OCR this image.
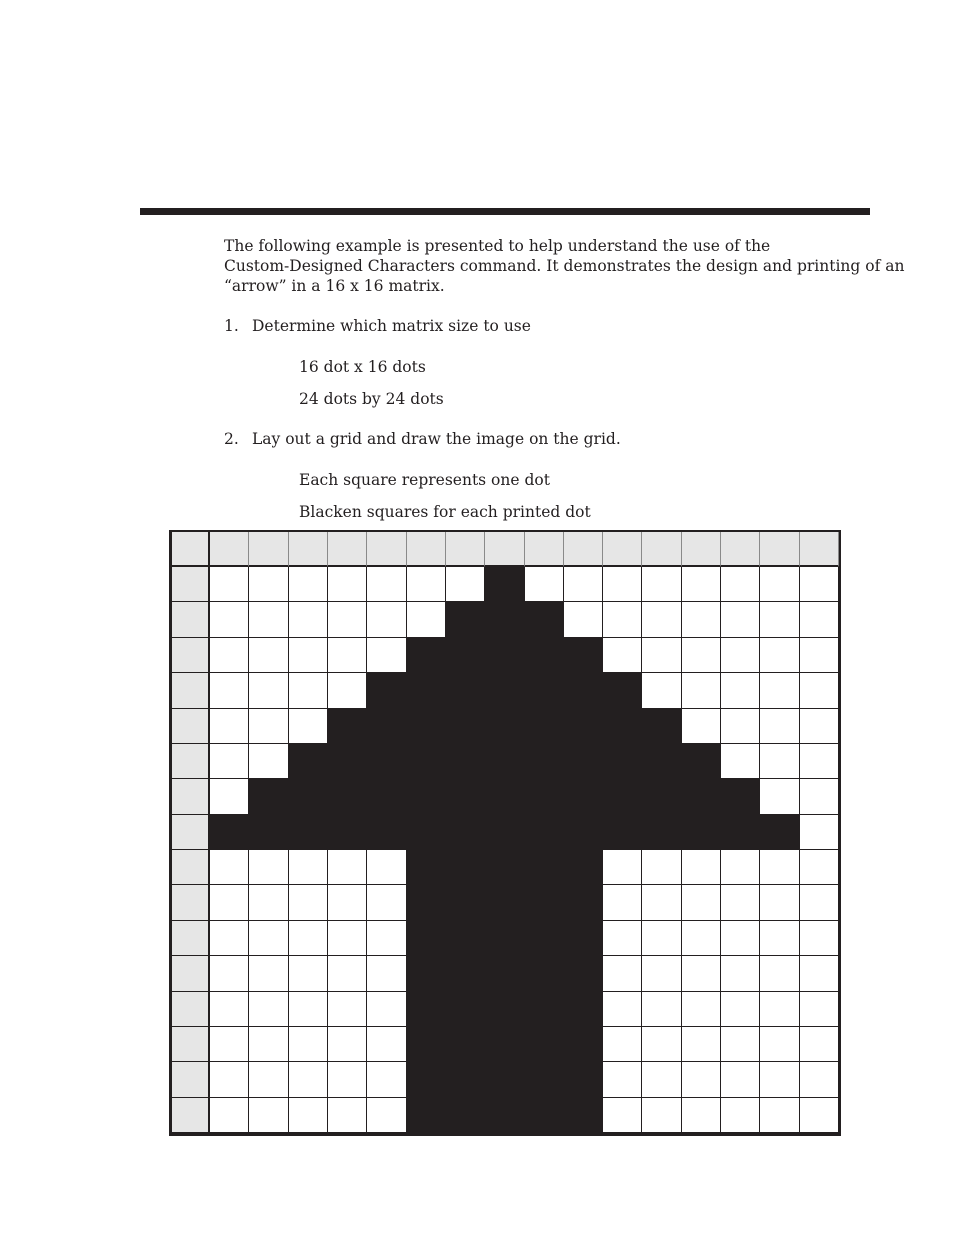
The following example is presented to help understand the use of the
Custom-Designed Characters command. It demonstrates the design and printing of an
“arrow” in a 16 x 16 matrix.
1. Determine which matrix size to use
16 dot x 16 dots
24 dots by 24 dots
2. Lay out a grid and draw the image on the grid.
Each square represents one dot
Blacken squares for each printed dot
